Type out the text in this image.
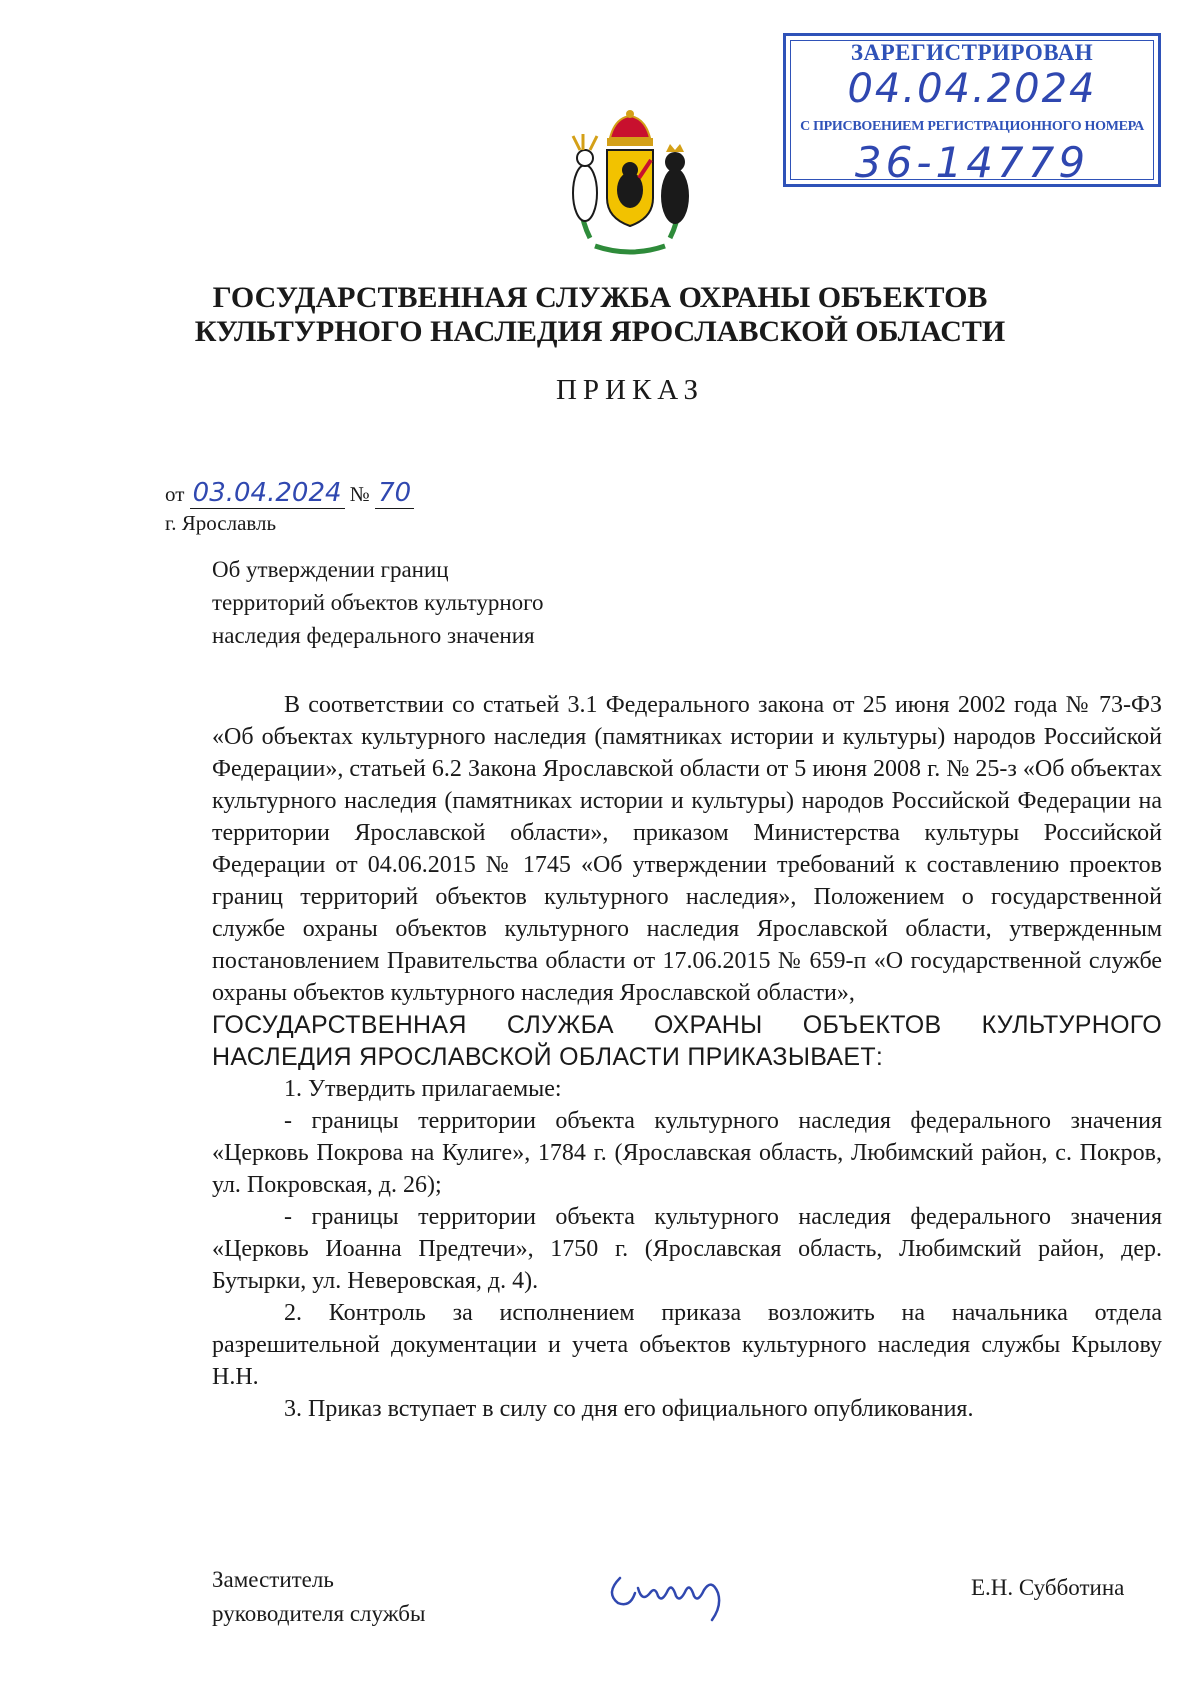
ЗАРЕГИСТРИРОВАН
04.04.2024
С ПРИСВОЕНИЕМ РЕГИСТРАЦИОННОГО НОМЕРА
36-14779
ГОСУДАРСТВЕННАЯ СЛУЖБА ОХРАНЫ ОБЪЕКТОВ
КУЛЬТУРНОГО НАСЛЕДИЯ ЯРОСЛАВСКОЙ ОБЛАСТИ
ПРИКАЗ
от 03.04.2024 № 70
г. Ярославль
Об утверждении границ
территорий объектов культурного
наследия федерального значения

В соответствии со статьей 3.1 Федерального закона от 25 июня 2002 года № 73-ФЗ «Об объектах культурного наследия (памятниках истории и культуры) народов Российской Федерации», статьей 6.2 Закона Ярославской области от 5 июня 2008 г. № 25-з «Об объектах культурного наследия (памятниках истории и культуры) народов Российской Федерации на территории Ярославской области», приказом Министерства культуры Российской Федерации от 04.06.2015 № 1745 «Об утверждении требований к составлению проектов границ территорий объектов культурного наследия», Положением о государственной службе охраны объектов культурного наследия Ярославской области, утвержденным постановлением Правительства области от 17.06.2015 № 659-п «О государственной службе охраны объектов культурного наследия Ярославской области»,

ГОСУДАРСТВЕННАЯ СЛУЖБА ОХРАНЫ ОБЪЕКТОВ КУЛЬТУРНОГО НАСЛЕДИЯ ЯРОСЛАВСКОЙ ОБЛАСТИ ПРИКАЗЫВАЕТ:

1. Утвердить прилагаемые:

- границы территории объекта культурного наследия федерального значения «Церковь Покрова на Кулиге», 1784 г. (Ярославская область, Любимский район, с. Покров, ул. Покровская, д. 26);

- границы территории объекта культурного наследия федерального значения «Церковь Иоанна Предтечи», 1750 г. (Ярославская область, Любимский район, дер. Бутырки, ул. Неверовская, д. 4).

2. Контроль за исполнением приказа возложить на начальника отдела разрешительной документации и учета объектов культурного наследия службы Крылову Н.Н.

3. Приказ вступает в силу со дня его официального опубликования.

Заместитель
руководителя службы
Е.Н. Субботина
